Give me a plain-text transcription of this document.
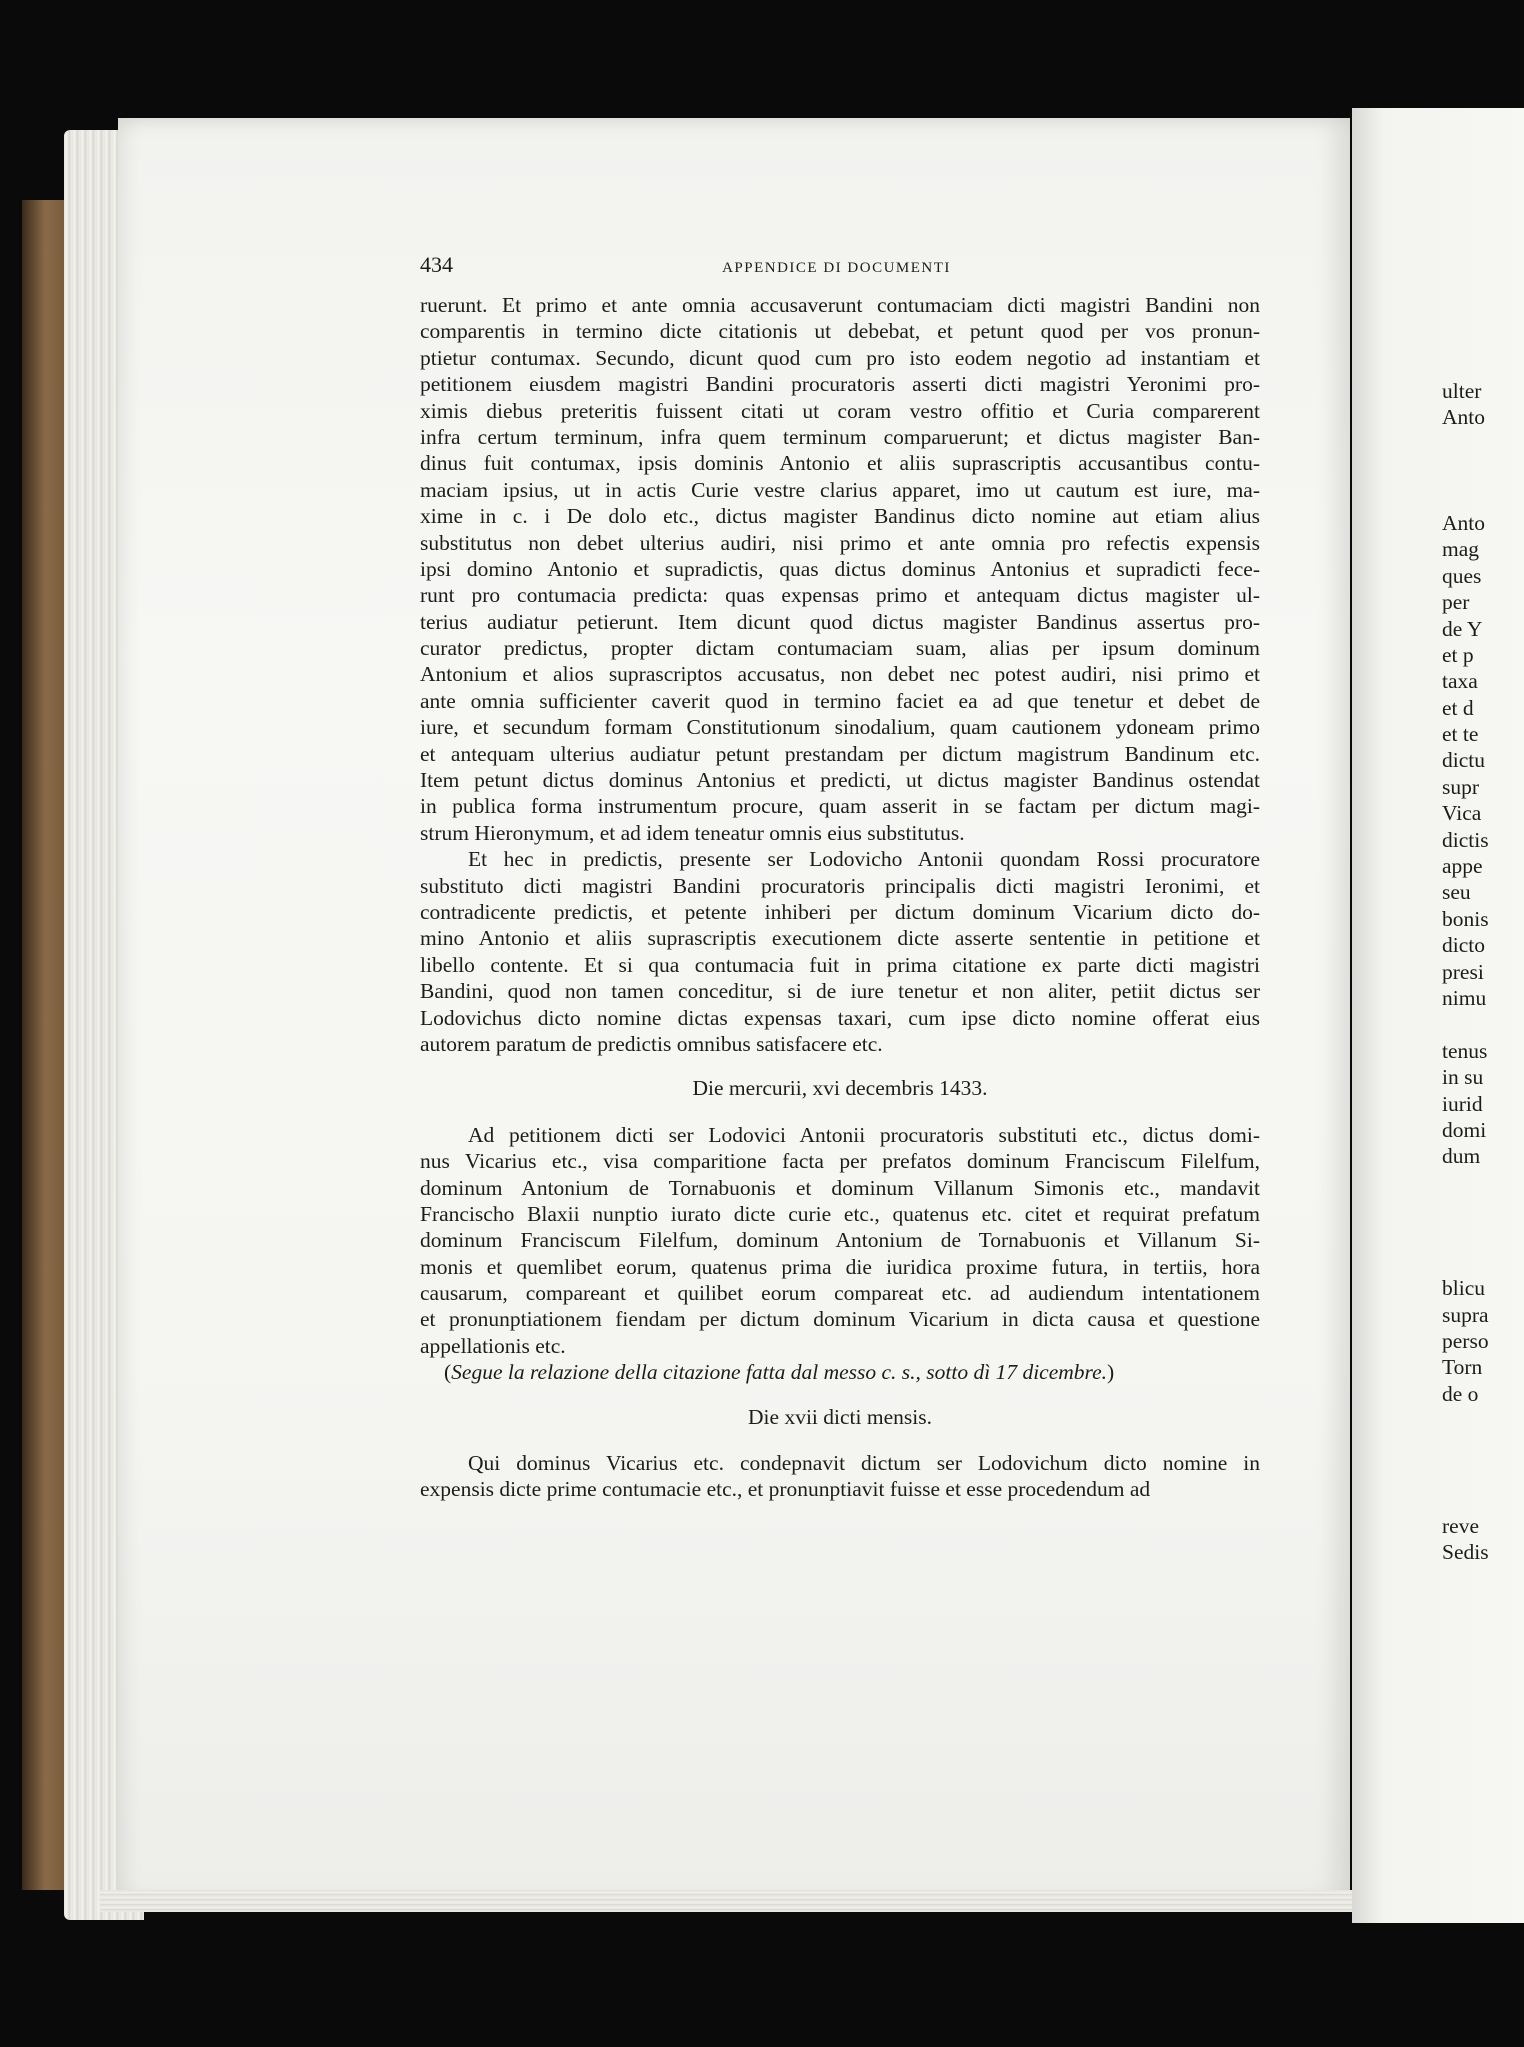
ulter
Anto
Anto
mag
ques
per
de Y
et p
taxa
et d
et te
dictu
supr
Vica
dictis
appe
seu
bonis
dicto
presi
nimu
tenus
in su
iurid
domi
dum
blicu
supra
perso
Torn
de o
reve
Sedis
434	APPENDICE DI DOCUMENTI
ruerunt. Et primo et ante omnia accusaverunt contumaciam dicti magistri Bandini non
comparentis in termino dicte citationis ut debebat, et petunt quod per vos pronun-
ptietur contumax. Secundo, dicunt quod cum pro isto eodem negotio ad instantiam et
petitionem eiusdem magistri Bandini procuratoris asserti dicti magistri Yeronimi pro-
ximis diebus preteritis fuissent citati ut coram vestro offitio et Curia comparerent
infra certum terminum, infra quem terminum comparuerunt; et dictus magister Ban-
dinus fuit contumax, ipsis dominis Antonio et aliis suprascriptis accusantibus contu-
maciam ipsius, ut in actis Curie vestre clarius apparet, imo ut cautum est iure, ma-
xime in c. i De dolo etc., dictus magister Bandinus dicto nomine aut etiam alius
substitutus non debet ulterius audiri, nisi primo et ante omnia pro refectis expensis
ipsi domino Antonio et supradictis, quas dictus dominus Antonius et supradicti fece-
runt pro contumacia predicta: quas expensas primo et antequam dictus magister ul-
terius audiatur petierunt. Item dicunt quod dictus magister Bandinus assertus pro-
curator predictus, propter dictam contumaciam suam, alias per ipsum dominum
Antonium et alios suprascriptos accusatus, non debet nec potest audiri, nisi primo et
ante omnia sufficienter caverit quod in termino faciet ea ad que tenetur et debet de
iure, et secundum formam Constitutionum sinodalium, quam cautionem ydoneam primo
et antequam ulterius audiatur petunt prestandam per dictum magistrum Bandinum etc.
Item petunt dictus dominus Antonius et predicti, ut dictus magister Bandinus ostendat
in publica forma instrumentum procure, quam asserit in se factam per dictum magi-
strum Hieronymum, et ad idem teneatur omnis eius substitutus.
Et hec in predictis, presente ser Lodovicho Antonii quondam Rossi procuratore
substituto dicti magistri Bandini procuratoris principalis dicti magistri Ieronimi, et
contradicente predictis, et petente inhiberi per dictum dominum Vicarium dicto do-
mino Antonio et aliis suprascriptis executionem dicte asserte sententie in petitione et
libello contente. Et si qua contumacia fuit in prima citatione ex parte dicti magistri
Bandini, quod non tamen conceditur, si de iure tenetur et non aliter, petiit dictus ser
Lodovichus dicto nomine dictas expensas taxari, cum ipse dicto nomine offerat eius
autorem paratum de predictis omnibus satisfacere etc.
Die mercurii, xvi decembris 1433.
Ad petitionem dicti ser Lodovici Antonii procuratoris substituti etc., dictus domi-
nus Vicarius etc., visa comparitione facta per prefatos dominum Franciscum Filelfum,
dominum Antonium de Tornabuonis et dominum Villanum Simonis etc., mandavit
Francischo Blaxii nunptio iurato dicte curie etc., quatenus etc. citet et requirat prefatum
dominum Franciscum Filelfum, dominum Antonium de Tornabuonis et Villanum Si-
monis et quemlibet eorum, quatenus prima die iuridica proxime futura, in tertiis, hora
causarum, compareant et quilibet eorum compareat etc. ad audiendum intentationem
et pronunptiationem fiendam per dictum dominum Vicarium in dicta causa et questione
appellationis etc.
(Segue la relazione della citazione fatta dal messo c. s., sotto dì 17 dicembre.)
Die xvii dicti mensis.
Qui dominus Vicarius etc. condepnavit dictum ser Lodovichum dicto nomine in
expensis dicte prime contumacie etc., et pronunptiavit fuisse et esse procedendum ad
